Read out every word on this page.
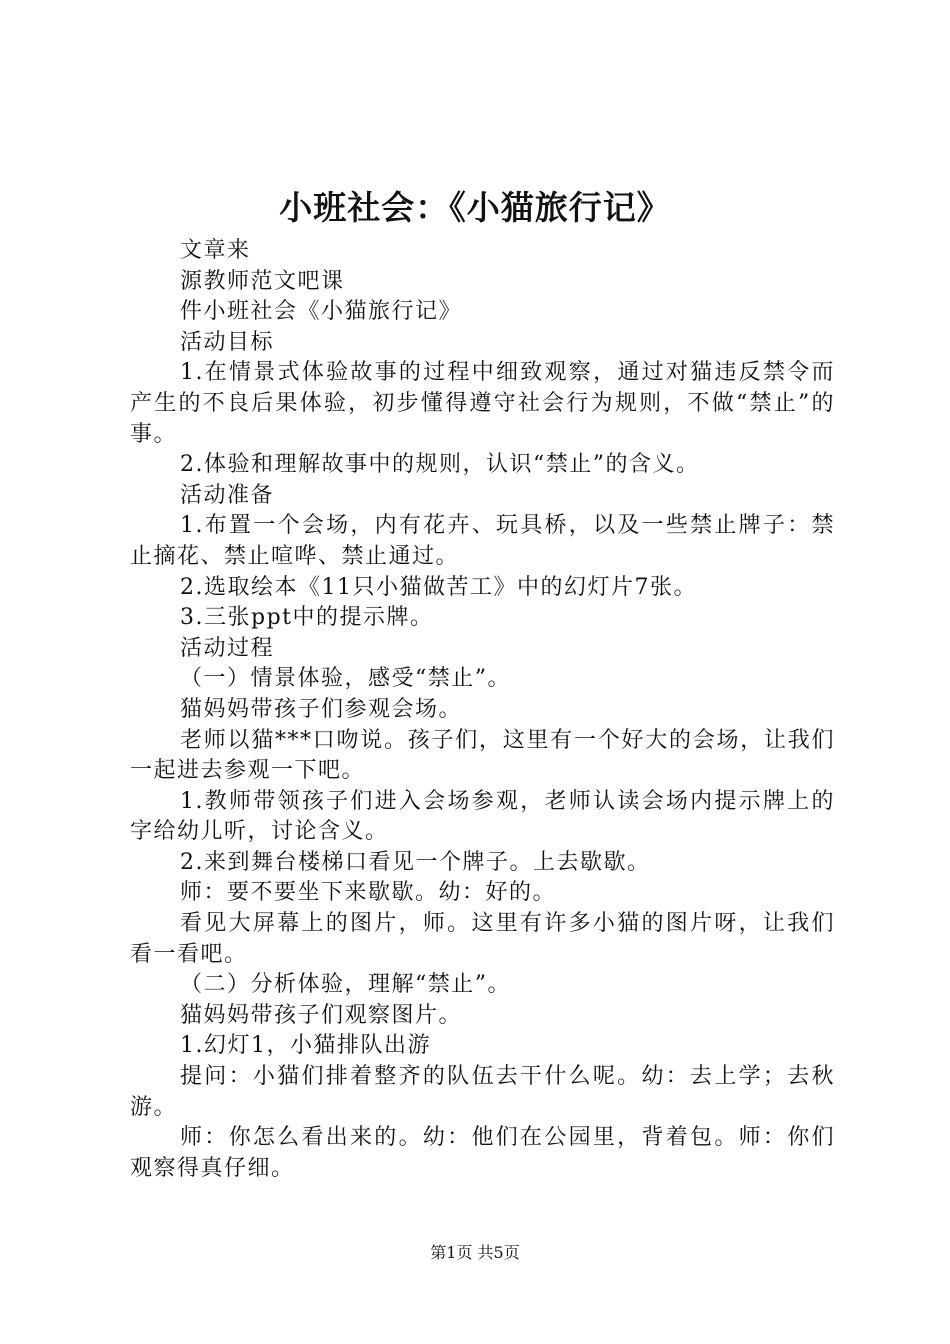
小班社会：《小猫旅行记》

文章来

源教师范文吧课

件小班社会《小猫旅行记》

活动目标

1.在情景式体验故事的过程中细致观察，通过对猫违反禁令而产生的不良后果体验，初步懂得遵守社会行为规则，不做“禁止”的事。

2.体验和理解故事中的规则，认识“禁止”的含义。

活动准备

1.布置一个会场，内有花卉、玩具桥，以及一些禁止牌子：禁止摘花、禁止喧哗、禁止通过。

2.选取绘本《11只小猫做苦工》中的幻灯片7张。

3.三张ppt中的提示牌。

活动过程

（一）情景体验，感受“禁止”。

猫妈妈带孩子们参观会场。

老师以猫***口吻说。孩子们，这里有一个好大的会场，让我们一起进去参观一下吧。

1.教师带领孩子们进入会场参观，老师认读会场内提示牌上的字给幼儿听，讨论含义。

2.来到舞台楼梯口看见一个牌子。上去歇歇。

师：要不要坐下来歇歇。幼：好的。

看见大屏幕上的图片，师。这里有许多小猫的图片呀，让我们看一看吧。

（二）分析体验，理解“禁止”。

猫妈妈带孩子们观察图片。

1.幻灯1，小猫排队出游

提问：小猫们排着整齐的队伍去干什么呢。幼：去上学；去秋游。

师：你怎么看出来的。幼：他们在公园里，背着包。师：你们观察得真仔细。

第1页 共5页
